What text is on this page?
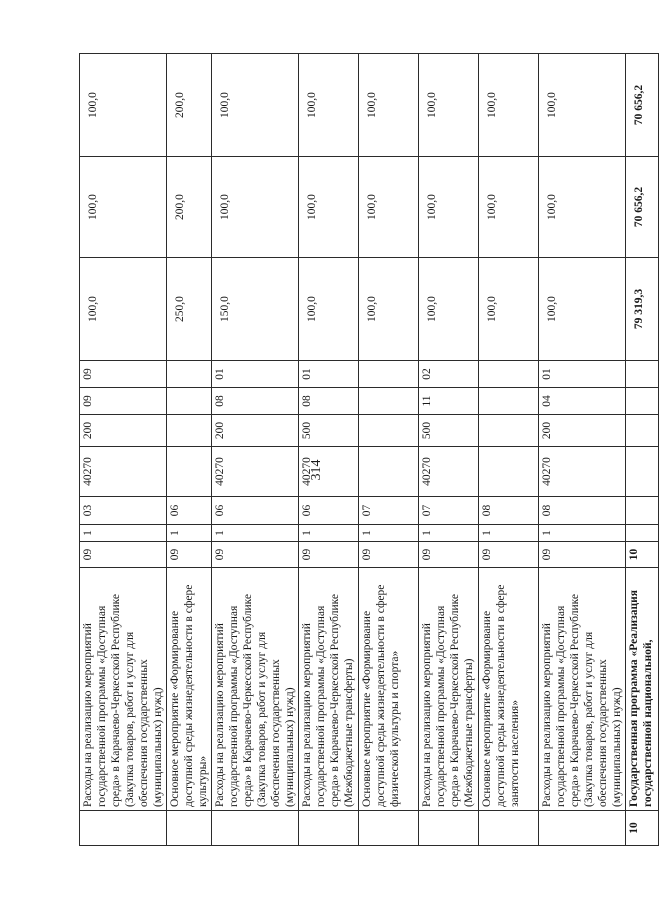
314
	Расходы на реализацию мероприятий государственной программы «Доступная среда» в Карачаево-Черкесской Республике (Закупка товаров, работ и услуг для обеспечения государственных (муниципальных) нужд)	09	1	03	40270	200	09	09	100,0	100,0	100,0
	Основное мероприятие «Формирование доступной среды жизнедеятельности в сфере культуры»	09	1	06					250,0	200,0	200,0
	Расходы на реализацию мероприятий государственной программы «Доступная среда» в Карачаево-Черкесской Республике (Закупка товаров, работ и услуг для обеспечения государственных (муниципальных) нужд)	09	1	06	40270	200	08	01	150,0	100,0	100,0
	Расходы на реализацию мероприятий государственной программы «Доступная среда» в Карачаево-Черкесской Республике (Межбюджетные трансферты)	09	1	06	40270	500	08	01	100,0	100,0	100,0
	Основное мероприятие «Формирование доступной среды жизнедеятельности в сфере физической культуры и спорта»	09	1	07					100,0	100,0	100,0
	Расходы на реализацию мероприятий государственной программы «Доступная среда» в Карачаево-Черкесской Республике (Межбюджетные трансферты)	09	1	07	40270	500	11	02	100,0	100,0	100,0
	Основное мероприятие «Формирование доступной среды жизнедеятельности в сфере занятости населения»	09	1	08					100,0	100,0	100,0
	Расходы на реализацию мероприятий государственной программы «Доступная среда» в Карачаево-Черкесской Республике (Закупка товаров, работ и услуг для обеспечения государственных (муниципальных) нужд)	09	1	08	40270	200	04	01	100,0	100,0	100,0
10	Государственная программа «Реализация государственной национальной,	10							79 319,3	70 656,2	70 656,2
